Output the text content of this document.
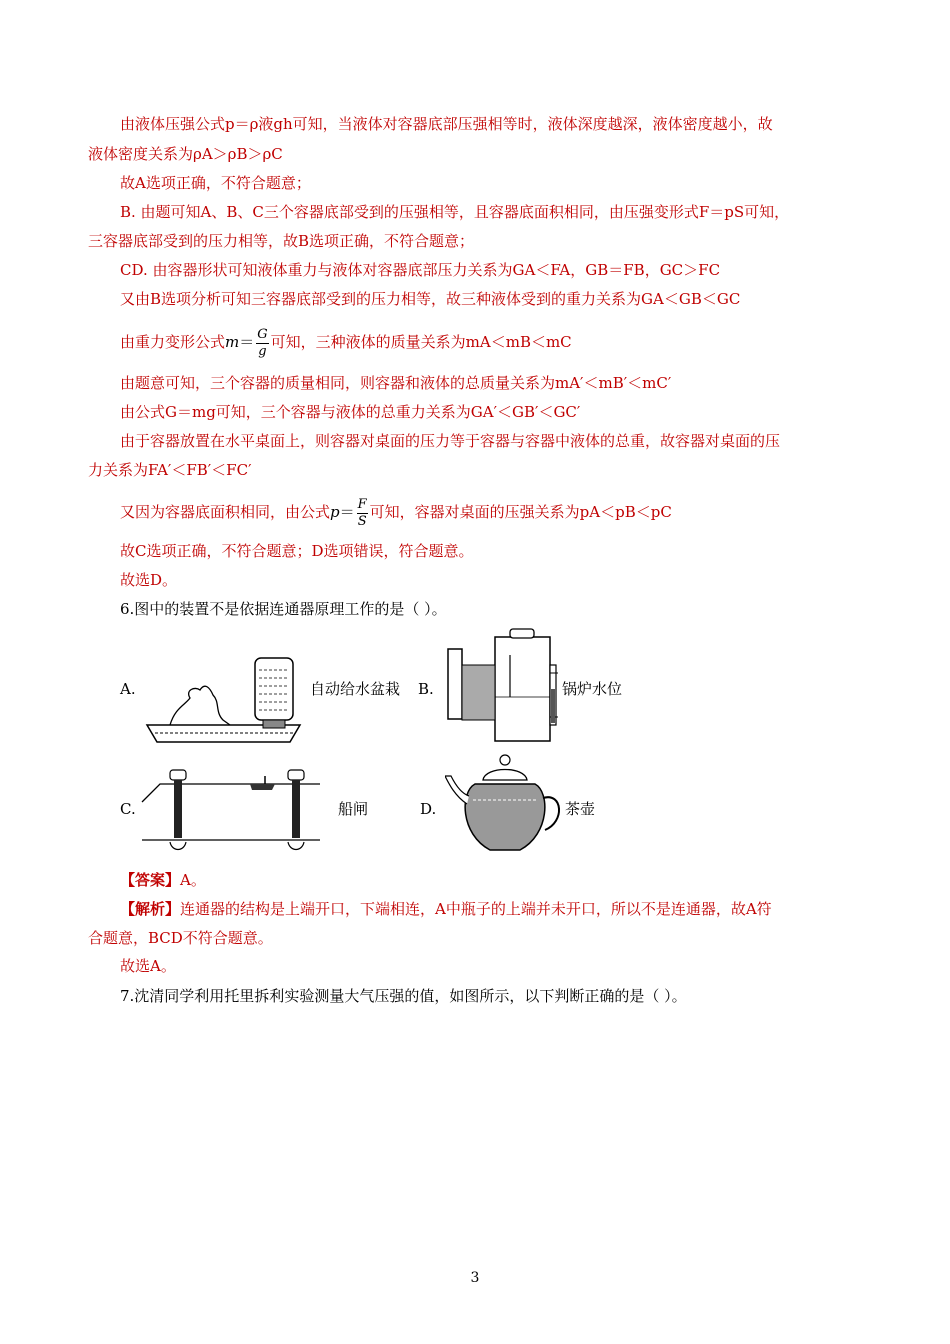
由液体压强公式p＝ρ液gh可知，当液体对容器底部压强相等时，液体深度越深，液体密度越小，故
液体密度关系为ρA＞ρB＞ρC
故A选项正确，不符合题意；
B. 由题可知A、B、C三个容器底部受到的压强相等，且容器底面积相同，由压强变形式F＝pS可知，
三容器底部受到的压力相等，故B选项正确，不符合题意；
CD. 由容器形状可知液体重力与液体对容器底部压力关系为GA＜FA，GB＝FB，GC＞FC
又由B选项分析可知三容器底部受到的压力相等，故三种液体受到的重力关系为GA＜GB＜GC
由重力变形公式$m= \frac{G}{g}$ 可知，三种液体的质量关系为mA＜mB＜mC
由题意可知，三个容器的质量相同，则容器和液体的总质量关系为mA′＜mB′＜mC′
由公式G＝mg可知，三个容器与液体的总重力关系为GA′＜GB′＜GC′
由于容器放置在水平桌面上，则容器对桌面的压力等于容器与容器中液体的总重，故容器对桌面的压
力关系为FA′＜FB′＜FC′
又因为容器底面积相同，由公式$p= \frac{F}{S}$ 可知，容器对桌面的压强关系为pA＜pB＜pC
故C选项正确，不符合题意；D选项错误，符合题意。
故选D。
6.图中的装置不是依据连通器原理工作的是（ ）。
A.	自动给水盆栽 B.	锅炉水位
C.	船闸	D.	茶壶
【答案】A。
【解析】连通器的结构是上端开口，下端相连，A中瓶子的上端并未开口，所以不是连通器，故A符
合题意，BCD不符合题意。
故选A。
7.沈清同学利用托里拆利实验测量大气压强的值，如图所示，以下判断正确的是（ ）。
3
